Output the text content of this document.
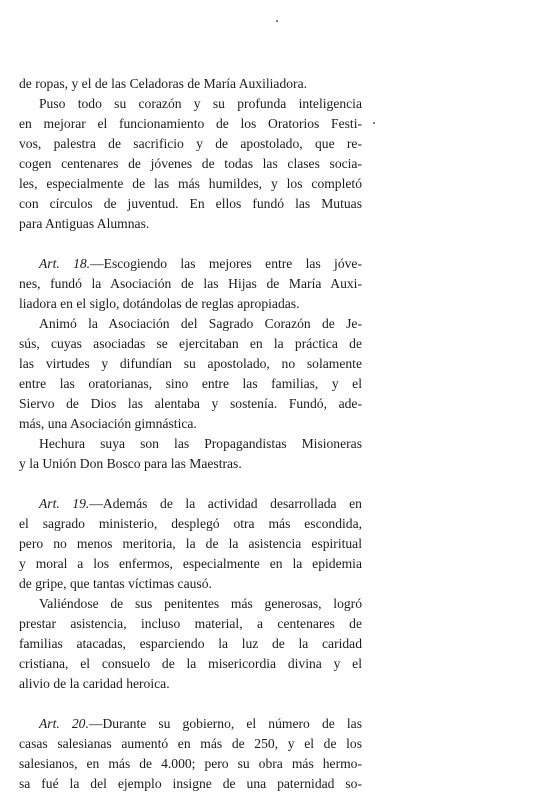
de ropas, y el de las Celadoras de María Auxiliadora.
Puso todo su corazón y su profunda inteligencia
en mejorar el funcionamiento de los Oratorios Festi-
vos, palestra de sacrificio y de apostolado, que re-
cogen centenares de jóvenes de todas las clases socia-
les, especialmente de las más humildes, y los completó
con círculos de juventud. En ellos fundó las Mutuas
para Antiguas Alumnas.
Art. 18.—Escogiendo las mejores entre las jóve-
nes, fundó la Asociación de las Hijas de María Auxi-
liadora en el siglo, dotándolas de reglas apropiadas.
Animó la Asociación del Sagrado Corazón de Je-
sús, cuyas asociadas se ejercitaban en la práctica de
las virtudes y difundían su apostolado, no solamente
entre las oratorianas, sino entre las familias, y el
Siervo de Dios las alentaba y sostenía. Fundó, ade-
más, una Asociación gimnástica.
Hechura suya son las Propagandistas Misioneras
y la Unión Don Bosco para las Maestras.
Art. 19.—Además de la actividad desarrollada en
el sagrado ministerio, desplegó otra más escondida,
pero no menos meritoria, la de la asistencia espiritual
y moral a los enfermos, especialmente en la epidemia
de gripe, que tantas víctimas causó.
Valiéndose de sus penitentes más generosas, logró
prestar asistencia, incluso material, a centenares de
familias atacadas, esparciendo la luz de la caridad
cristiana, el consuelo de la misericordia divina y el
alivio de la caridad heroica.
Art. 20.—Durante su gobierno, el número de las
casas salesianas aumentó en más de 250, y el de los
salesianos, en más de 4.000; pero su obra más hermo-
sa fué la del ejemplo insigne de una paternidad so-
